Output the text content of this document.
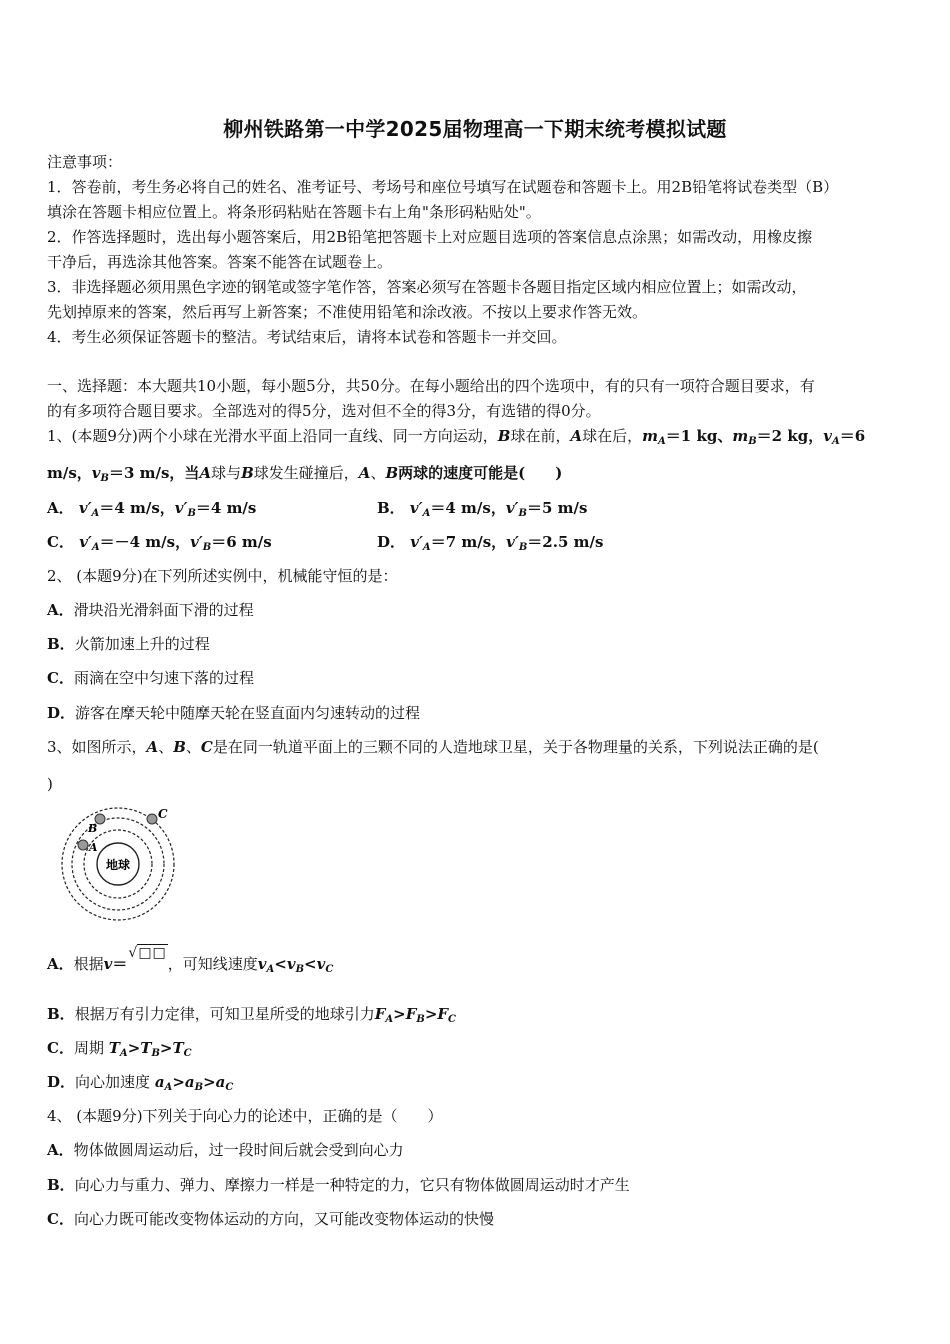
柳州铁路第一中学2025届物理高一下期末统考模拟试题
注意事项：
1．答卷前，考生务必将自己的姓名、准考证号、考场号和座位号填写在试题卷和答题卡上。用2B铅笔将试卷类型（B）
填涂在答题卡相应位置上。将条形码粘贴在答题卡右上角"条形码粘贴处"。
2．作答选择题时，选出每小题答案后，用2B铅笔把答题卡上对应题目选项的答案信息点涂黑；如需改动，用橡皮擦
干净后，再选涂其他答案。答案不能答在试题卷上。
3．非选择题必须用黑色字迹的钢笔或签字笔作答，答案必须写在答题卡各题目指定区域内相应位置上；如需改动，
先划掉原来的答案，然后再写上新答案；不准使用铅笔和涂改液。不按以上要求作答无效。
4．考生必须保证答题卡的整洁。考试结束后，请将本试卷和答题卡一并交回。
一、选择题：本大题共10小题，每小题5分，共50分。在每小题给出的四个选项中，有的只有一项符合题目要求，有
的有多项符合题目要求。全部选对的得5分，选对但不全的得3分，有选错的得0分。
1、(本题9分)两个小球在光滑水平面上沿同一直线、同一方向运动，B球在前，A球在后，$m_A=1$ kg、$m_B=2$ kg，$v_A=6$
m/s，$v_B=3$ m/s，当A球与B球发生碰撞后，A、B两球的速度可能是(　　)
A． $v'_A=4$ m/s，$v'_B=4$ m/s	B． $v'_A=4$ m/s，$v'_B=5$ m/s
C． $v'_A=-4$ m/s，$v'_B=6$ m/s	D． $v'_A=7$ m/s，$v'_B=2.5$ m/s
2、 (本题9分)在下列所述实例中，机械能守恒的是：
A．滑块沿光滑斜面下滑的过程
B．火箭加速上升的过程
C．雨滴在空中匀速下落的过程
D．游客在摩天轮中随摩天轮在竖直面内匀速转动的过程
3、如图所示，A、B、C是在同一轨道平面上的三颗不同的人造地球卫星，关于各物理量的关系，下列说法正确的是(
)
地球
A
B
C
A．根据v＝√□□，可知线速度$v_A<v_B<v_C$
B．根据万有引力定律，可知卫星所受的地球引力$F_A>F_B>F_C$
C．周期 $T_A>T_B>T_C$
D．向心加速度 $a_A>a_B>a_C$
4、 (本题9分)下列关于向心力的论述中，正确的是（　　）
A．物体做圆周运动后，过一段时间后就会受到向心力
B．向心力与重力、弹力、摩擦力一样是一种特定的力，它只有物体做圆周运动时才产生
C．向心力既可能改变物体运动的方向，又可能改变物体运动的快慢
